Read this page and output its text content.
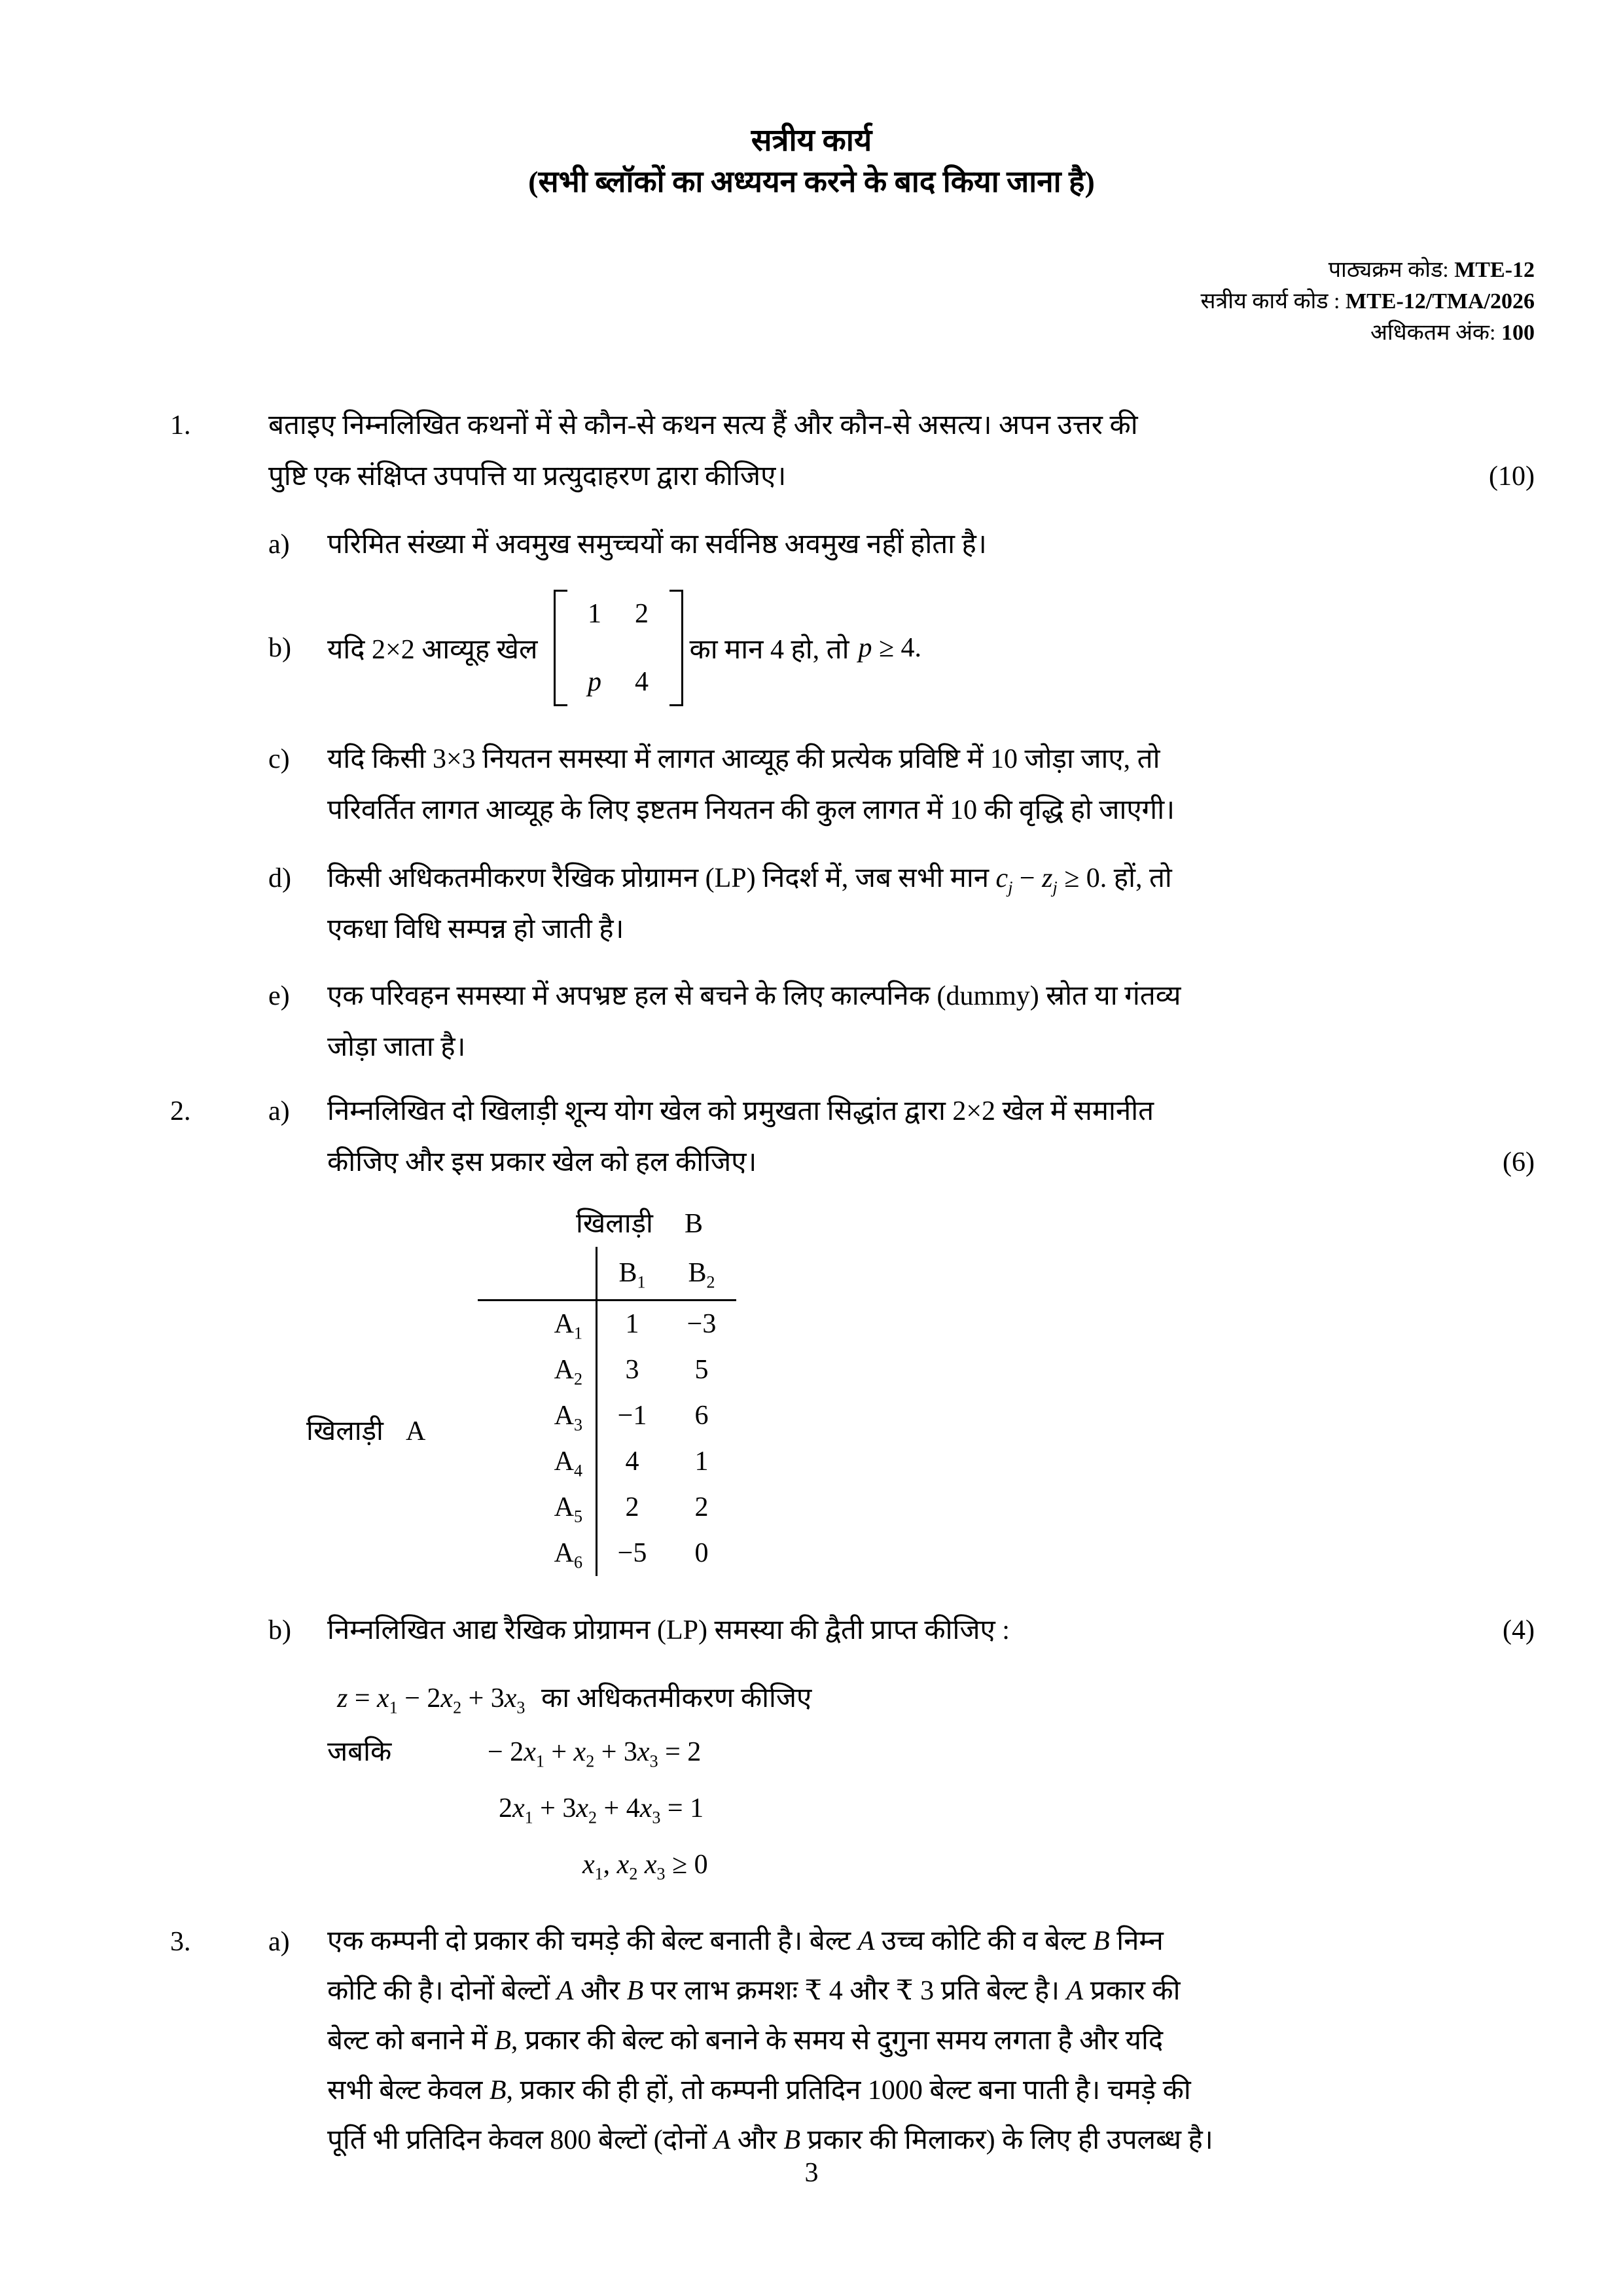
सत्रीय कार्य
(सभी ब्लॉकों का अध्ययन करने के बाद किया जाना है)
पाठ्यक्रम कोड: MTE-12
सत्रीय कार्य कोड : MTE-12/TMA/2026
अधिकतम अंक: 100
1.	बताइए निम्नलिखित कथनों में से कौन-से कथन सत्य हैं और कौन-से असत्य। अपन उत्तर की
पुष्टि एक संक्षिप्त उपपत्ति या प्रत्युदाहरण द्वारा कीजिए।	(10)
a)	परिमित संख्या में अवमुख समुच्चयों का सर्वनिष्ठ अवमुख नहीं होता है।
b)	यदि 2×2 आव्यूह खेल
1	2
p	4
का मान 4 हो, तो p ≥ 4.
c)	यदि किसी 3×3 नियतन समस्या में लागत आव्यूह की प्रत्येक प्रविष्टि में 10 जोड़ा जाए, तो
परिवर्तित लागत आव्यूह के लिए इष्टतम नियतन की कुल लागत में 10 की वृद्धि हो जाएगी।
d)	किसी अधिकतमीकरण रैखिक प्रोग्रामन (LP) निदर्श में, जब सभी मान $c_j - z_j \ge 0$. हों, तो
एकधा विधि सम्पन्न हो जाती है।
e)	एक परिवहन समस्या में अपभ्रष्ट हल से बचने के लिए काल्पनिक (dummy) स्रोत या गंतव्य
जोड़ा जाता है।
2.	a)	निम्नलिखित दो खिलाड़ी शून्य योग खेल को प्रमुखता सिद्धांत द्वारा 2×2 खेल में समानीत
कीजिए और इस प्रकार खेल को हल कीजिए।	(6)
खिलाड़ी B
$B_1$	$B_2$
$A_1$	1	−3
$A_2$	3	5
$A_3$	−1	6
$A_4$	4	1
$A_5$	2	2
$A_6$	−5	0
खिलाड़ी A
b)	निम्नलिखित आद्य रैखिक प्रोग्रामन (LP) समस्या की द्वैती प्राप्त कीजिए :	(4)
$z = x_1 - 2x_2 + 3x_3$ का अधिकतमीकरण कीजिए
जबकि	− $2x_1 + x_2 + 3x_3 = 2$
$2x_1 + 3x_2 + 4x_3 = 1$
$x_1$, $x_2$ $x_3 \ge 0$
3.	a)	एक कम्पनी दो प्रकार की चमड़े की बेल्ट बनाती है। बेल्ट A उच्च कोटि की व बेल्ट B निम्न
कोटि की है। दोनों बेल्टों A और B पर लाभ क्रमशः ₹ 4 और ₹ 3 प्रति बेल्ट है। A प्रकार की
बेल्ट को बनाने में B, प्रकार की बेल्ट को बनाने के समय से दुगुना समय लगता है और यदि
सभी बेल्ट केवल B, प्रकार की ही हों, तो कम्पनी प्रतिदिन 1000 बेल्ट बना पाती है। चमड़े की
पूर्ति भी प्रतिदिन केवल 800 बेल्टों (दोनों A और B प्रकार की मिलाकर) के लिए ही उपलब्ध है।
3
